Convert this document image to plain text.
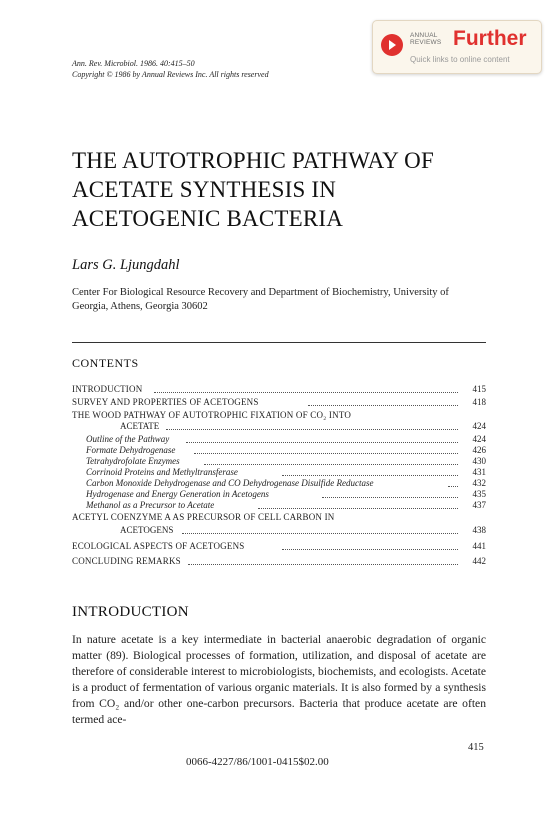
ANNUAL REVIEWS Further
Quick links to online content
Ann. Rev. Microbiol. 1986. 40:415–50
Copyright © 1986 by Annual Reviews Inc. All rights reserved
THE AUTOTROPHIC PATHWAY OF
ACETATE SYNTHESIS IN
ACETOGENIC BACTERIA
Lars G. Ljungdahl
Center For Biological Resource Recovery and Department of Biochemistry, University of Georgia, Athens, Georgia 30602
CONTENTS
INTRODUCTION	415
SURVEY AND PROPERTIES OF ACETOGENS	418
THE WOOD PATHWAY OF AUTOTROPHIC FIXATION OF CO₂ INTO
ACETATE	424
Outline of the Pathway	424
Formate Dehydrogenase	426
Tetrahydrofolate Enzymes	430
Corrinoid Proteins and Methyltransferase	431
Carbon Monoxide Dehydrogenase and CO Dehydrogenase Disulfide Reductase	432
Hydrogenase and Energy Generation in Acetogens	435
Methanol as a Precursor to Acetate	437
ACETYL COENZYME A AS PRECURSOR OF CELL CARBON IN
ACETOGENS	438
ECOLOGICAL ASPECTS OF ACETOGENS	441
CONCLUDING REMARKS	442
INTRODUCTION
In nature acetate is a key intermediate in bacterial anaerobic degradation of organic matter (89). Biological processes of formation, utilization, and disposal of acetate are therefore of considerable interest to microbiologists, biochemists, and ecologists. Acetate is a product of fermentation of various organic materials. It is also formed by a synthesis from CO₂ and/or other one-carbon precursors. Bacteria that produce acetate are often termed ace-
415
0066-4227/86/1001-0415$02.00
